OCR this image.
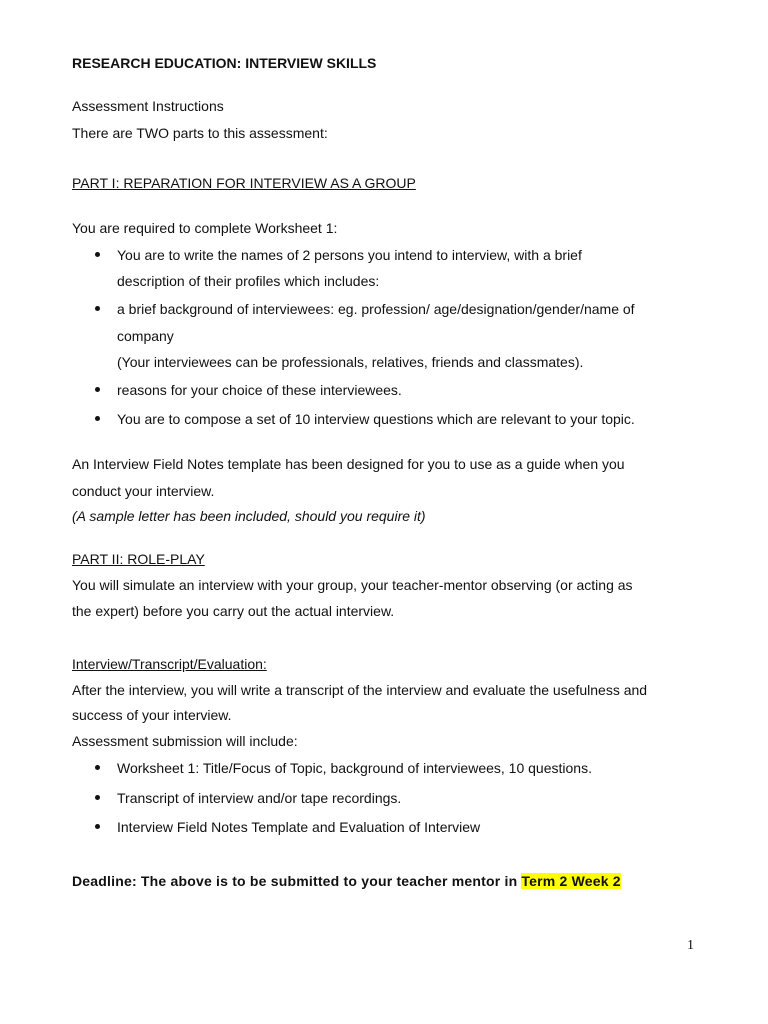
RESEARCH EDUCATION: INTERVIEW SKILLS
Assessment Instructions
There are TWO parts to this assessment:
PART I: REPARATION FOR INTERVIEW AS A GROUP
You are required to complete Worksheet 1:
You are to write the names of 2 persons you intend to interview, with a brief
description of their profiles which includes:
a brief background of interviewees: eg. profession/ age/designation/gender/name of
company
(Your interviewees can be professionals, relatives, friends and classmates).
reasons for your choice of these interviewees.
You are to compose a set of 10 interview questions which are relevant to your topic.
An Interview Field Notes template has been designed for you to use as a guide when you
conduct your interview.
(A sample letter has been included, should you require it)
PART II: ROLE-PLAY
You will simulate an interview with your group, your teacher-mentor observing (or acting as
the expert) before you carry out the actual interview.
Interview/Transcript/Evaluation:
After the interview, you will write a transcript of the interview and evaluate the usefulness and
success of your interview.
Assessment submission will include:
Worksheet 1: Title/Focus of Topic, background of interviewees, 10 questions.
Transcript of interview and/or tape recordings.
Interview Field Notes Template and Evaluation of Interview
Deadline: The above is to be submitted to your teacher mentor in Term 2 Week 2
1
